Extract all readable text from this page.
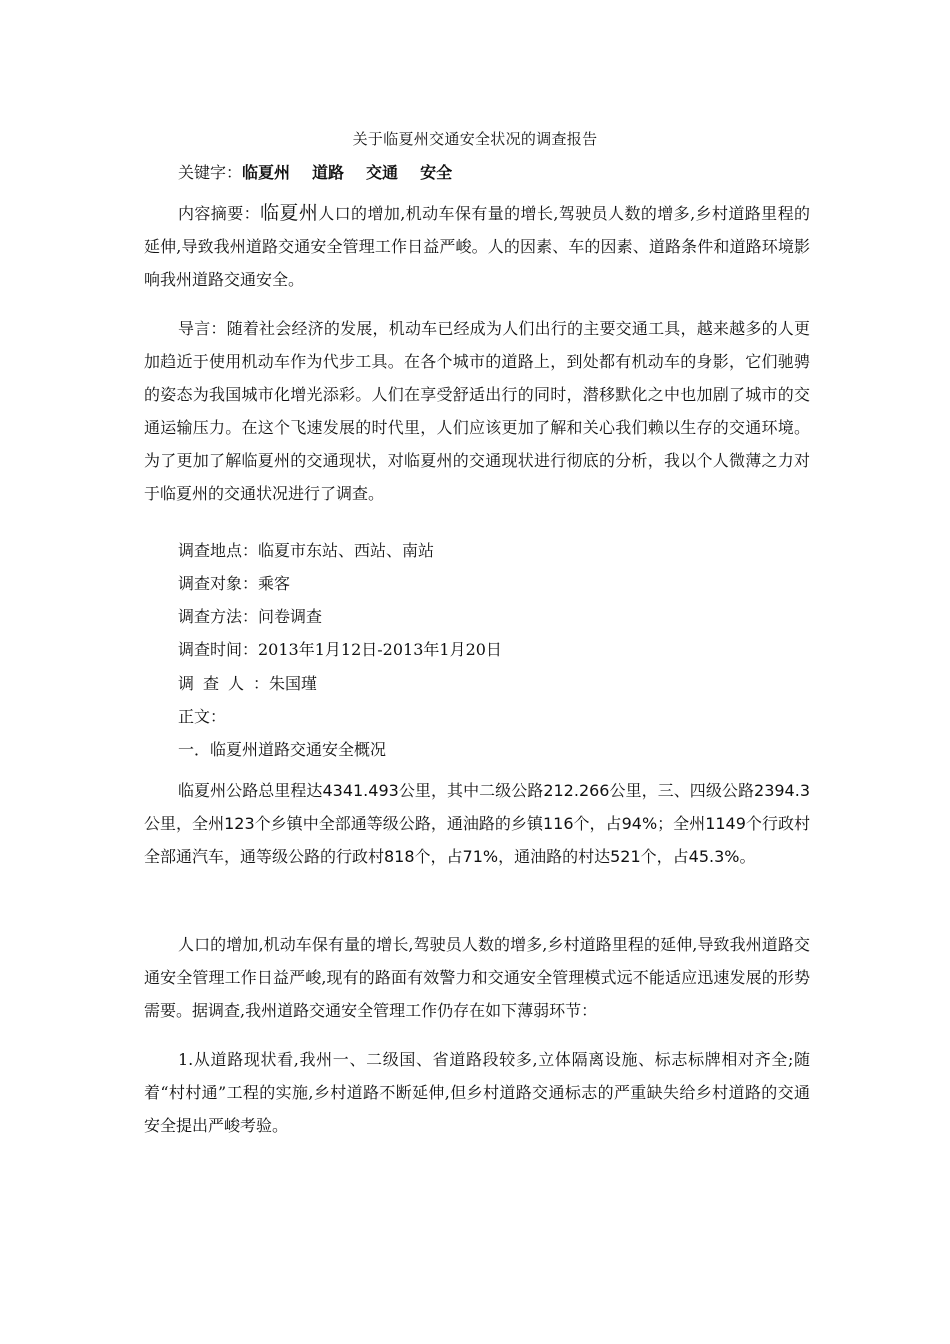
关于临夏州交通安全状况的调查报告
关键字：临夏州 道路 交通 安全
内容摘要：临夏州人口的增加,机动车保有量的增长,驾驶员人数的增多,乡村道路里程的延伸,导致我州道路交通安全管理工作日益严峻。人的因素、车的因素、道路条件和道路环境影响我州道路交通安全。
导言：随着社会经济的发展，机动车已经成为人们出行的主要交通工具，越来越多的人更加趋近于使用机动车作为代步工具。在各个城市的道路上，到处都有机动车的身影，它们驰骋的姿态为我国城市化增光添彩。人们在享受舒适出行的同时，潜移默化之中也加剧了城市的交通运输压力。在这个飞速发展的时代里，人们应该更加了解和关心我们赖以生存的交通环境。为了更加了解临夏州的交通现状，对临夏州的交通现状进行彻底的分析，我以个人微薄之力对于临夏州的交通状况进行了调查。
调查地点：临夏市东站、西站、南站
调查对象：乘客
调查方法：问卷调查
调查时间：2013年1月12日-2013年1月20日
调查人：朱国瑾
正文：
一．临夏州道路交通安全概况
临夏州公路总里程达4341.493公里，其中二级公路212.266公里，三、四级公路2394.3公里，全州123个乡镇中全部通等级公路，通油路的乡镇116个，占94%；全州1149个行政村全部通汽车，通等级公路的行政村818个，占71%，通油路的村达521个，占45.3%。
人口的增加,机动车保有量的增长,驾驶员人数的增多,乡村道路里程的延伸,导致我州道路交通安全管理工作日益严峻,现有的路面有效警力和交通安全管理模式远不能适应迅速发展的形势需要。据调查,我州道路交通安全管理工作仍存在如下薄弱环节：
1.从道路现状看,我州一、二级国、省道路段较多,立体隔离设施、标志标牌相对齐全;随着“村村通”工程的实施,乡村道路不断延伸,但乡村道路交通标志的严重缺失给乡村道路的交通安全提出严峻考验。
